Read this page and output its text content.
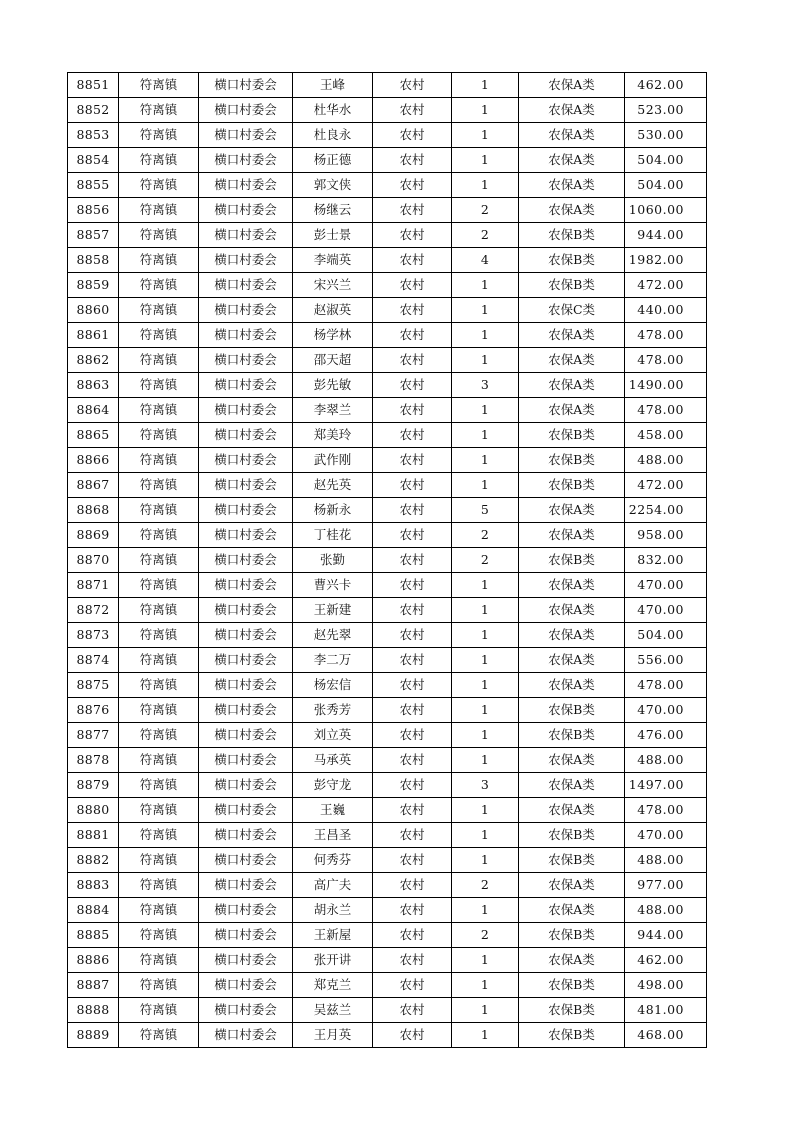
8851	符离镇	横口村委会	王峰	农村	1	农保A类	462.00
8852	符离镇	横口村委会	杜华水	农村	1	农保A类	523.00
8853	符离镇	横口村委会	杜良永	农村	1	农保A类	530.00
8854	符离镇	横口村委会	杨正德	农村	1	农保A类	504.00
8855	符离镇	横口村委会	郭文侠	农村	1	农保A类	504.00
8856	符离镇	横口村委会	杨继云	农村	2	农保A类	1060.00
8857	符离镇	横口村委会	彭士景	农村	2	农保B类	944.00
8858	符离镇	横口村委会	李端英	农村	4	农保B类	1982.00
8859	符离镇	横口村委会	宋兴兰	农村	1	农保B类	472.00
8860	符离镇	横口村委会	赵淑英	农村	1	农保C类	440.00
8861	符离镇	横口村委会	杨学林	农村	1	农保A类	478.00
8862	符离镇	横口村委会	邵天超	农村	1	农保A类	478.00
8863	符离镇	横口村委会	彭先敏	农村	3	农保A类	1490.00
8864	符离镇	横口村委会	李翠兰	农村	1	农保A类	478.00
8865	符离镇	横口村委会	郑美玲	农村	1	农保B类	458.00
8866	符离镇	横口村委会	武作刚	农村	1	农保B类	488.00
8867	符离镇	横口村委会	赵先英	农村	1	农保B类	472.00
8868	符离镇	横口村委会	杨新永	农村	5	农保A类	2254.00
8869	符离镇	横口村委会	丁桂花	农村	2	农保A类	958.00
8870	符离镇	横口村委会	张勤	农村	2	农保B类	832.00
8871	符离镇	横口村委会	曹兴卡	农村	1	农保A类	470.00
8872	符离镇	横口村委会	王新建	农村	1	农保A类	470.00
8873	符离镇	横口村委会	赵先翠	农村	1	农保A类	504.00
8874	符离镇	横口村委会	李二万	农村	1	农保A类	556.00
8875	符离镇	横口村委会	杨宏信	农村	1	农保A类	478.00
8876	符离镇	横口村委会	张秀芳	农村	1	农保B类	470.00
8877	符离镇	横口村委会	刘立英	农村	1	农保B类	476.00
8878	符离镇	横口村委会	马承英	农村	1	农保A类	488.00
8879	符离镇	横口村委会	彭守龙	农村	3	农保A类	1497.00
8880	符离镇	横口村委会	王巍	农村	1	农保A类	478.00
8881	符离镇	横口村委会	王昌圣	农村	1	农保B类	470.00
8882	符离镇	横口村委会	何秀芬	农村	1	农保B类	488.00
8883	符离镇	横口村委会	高广夫	农村	2	农保A类	977.00
8884	符离镇	横口村委会	胡永兰	农村	1	农保A类	488.00
8885	符离镇	横口村委会	王新屋	农村	2	农保B类	944.00
8886	符离镇	横口村委会	张开讲	农村	1	农保A类	462.00
8887	符离镇	横口村委会	郑克兰	农村	1	农保B类	498.00
8888	符离镇	横口村委会	吴兹兰	农村	1	农保B类	481.00
8889	符离镇	横口村委会	王月英	农村	1	农保B类	468.00
